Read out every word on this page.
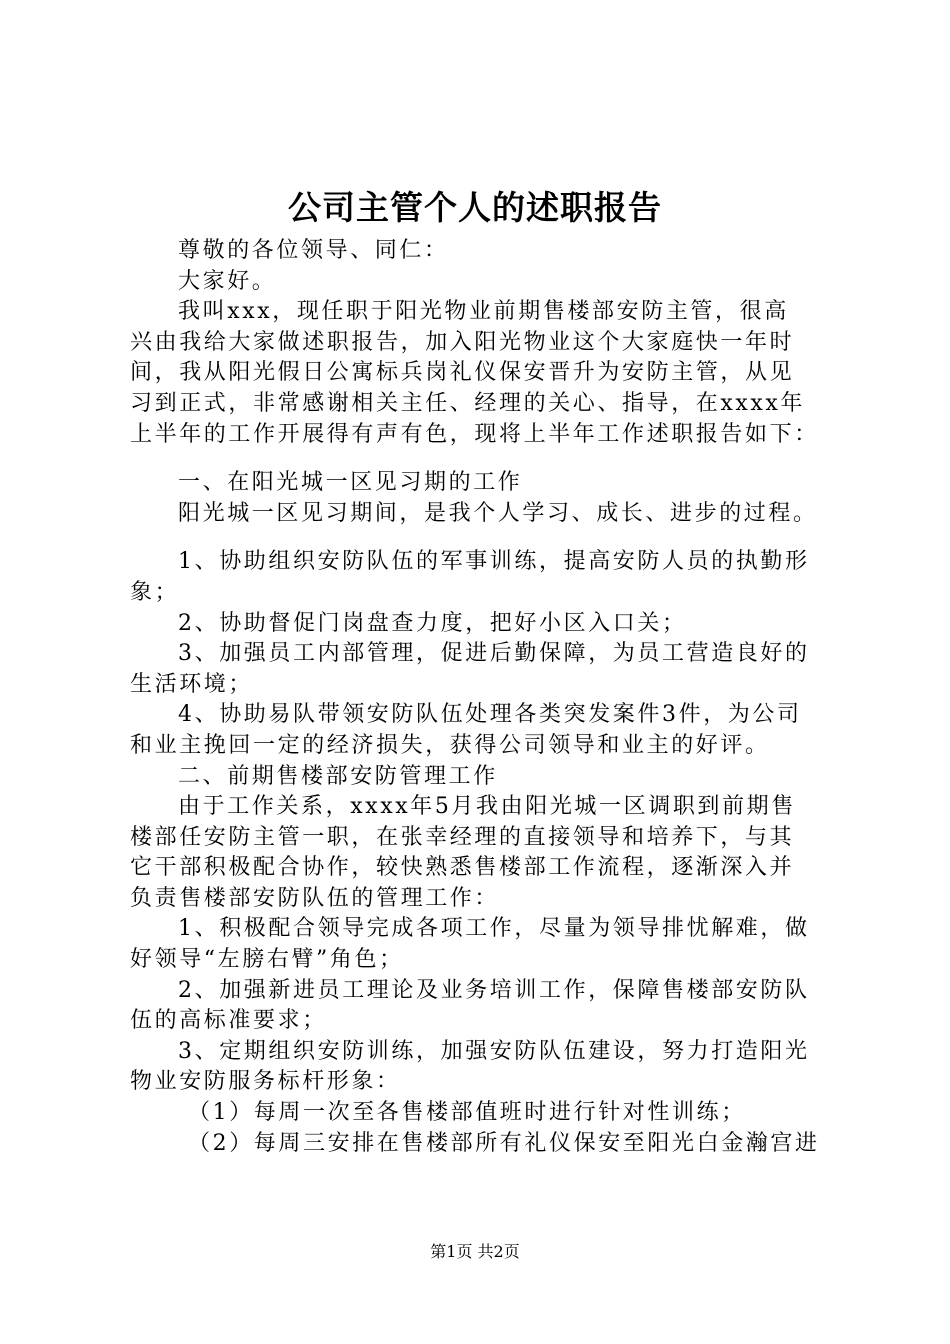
公司主管个人的述职报告
尊敬的各位领导、同仁：
大家好。
我叫xxx，现任职于阳光物业前期售楼部安防主管，很高
兴由我给大家做述职报告，加入阳光物业这个大家庭快一年时
间，我从阳光假日公寓标兵岗礼仪保安晋升为安防主管，从见
习到正式，非常感谢相关主任、经理的关心、指导，在xxxx年
上半年的工作开展得有声有色，现将上半年工作述职报告如下：
一、在阳光城一区见习期的工作
阳光城一区见习期间，是我个人学习、成长、进步的过程。
1、协助组织安防队伍的军事训练，提高安防人员的执勤形
象；
2、协助督促门岗盘查力度，把好小区入口关；
3、加强员工内部管理，促进后勤保障，为员工营造良好的
生活环境；
4、协助易队带领安防队伍处理各类突发案件3件，为公司
和业主挽回一定的经济损失，获得公司领导和业主的好评。
二、前期售楼部安防管理工作
由于工作关系，xxxx年5月我由阳光城一区调职到前期售
楼部任安防主管一职，在张幸经理的直接领导和培养下，与其
它干部积极配合协作，较快熟悉售楼部工作流程，逐渐深入并
负责售楼部安防队伍的管理工作：
1、积极配合领导完成各项工作，尽量为领导排忧解难，做
好领导“左膀右臂”角色；
2、加强新进员工理论及业务培训工作，保障售楼部安防队
伍的高标准要求；
3、定期组织安防训练，加强安防队伍建设，努力打造阳光
物业安防服务标杆形象：
（1）每周一次至各售楼部值班时进行针对性训练；
（2）每周三安排在售楼部所有礼仪保安至阳光白金瀚宫进
第1页 共2页
